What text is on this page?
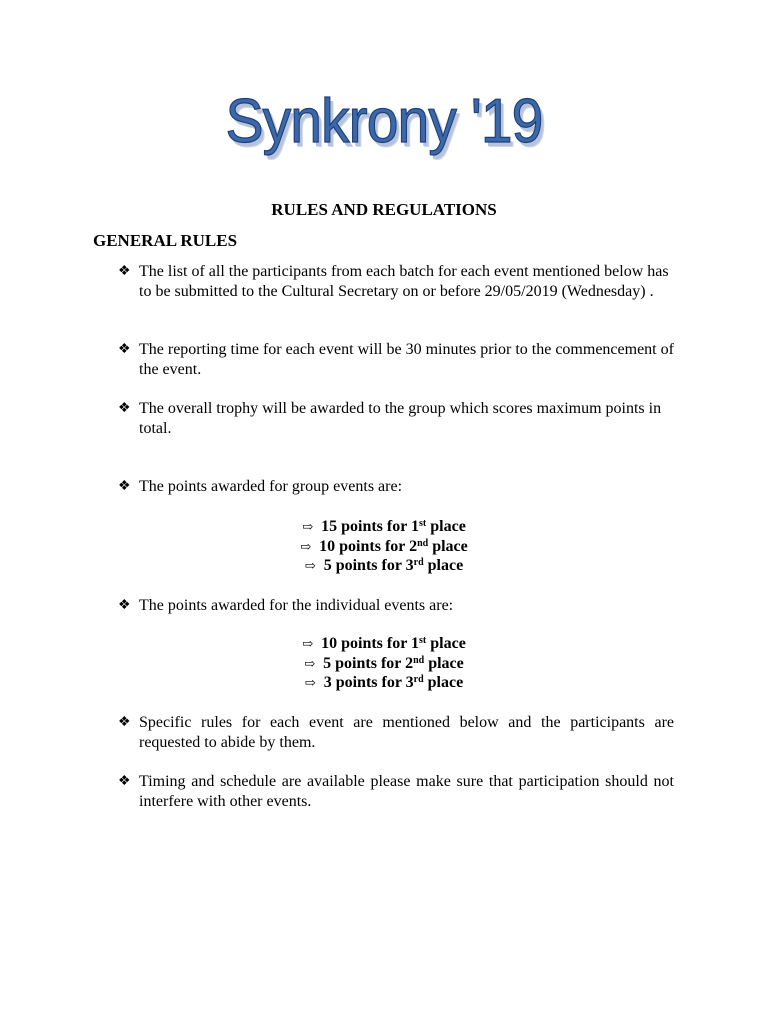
Synkrony '19
RULES AND REGULATIONS
GENERAL RULES
❖ The list of all the participants from each batch for each event mentioned below has to be submitted to the Cultural Secretary on or before 29/05/2019 (Wednesday) .
❖ The reporting time for each event will be 30 minutes prior to the commencement of the event.
❖ The overall trophy will be awarded to the group which scores maximum points in total.
❖ The points awarded for group events are:
⇨ 15 points for 1st place
⇨ 10 points for 2nd place
⇨ 5 points for 3rd place
❖ The points awarded for the individual events are:
⇨ 10 points for 1st place
⇨ 5 points for 2nd place
⇨ 3 points for 3rd place
❖ Specific rules for each event are mentioned below and the participants are requested to abide by them.
❖ Timing and schedule are available please make sure that participation should not interfere with other events.
